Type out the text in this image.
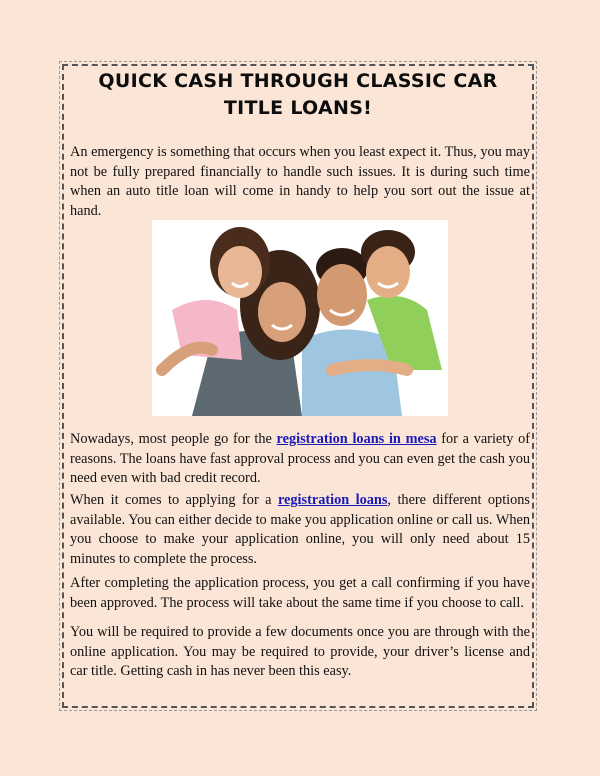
QUICK CASH THROUGH CLASSIC CAR TITLE LOANS!

An emergency is something that occurs when you least expect it. Thus, you may not be fully prepared financially to handle such issues. It is during such time when an auto title loan will come in handy to help you sort out the issue at hand.

Nowadays, most people go for the registration loans in mesa for a variety of reasons. The loans have fast approval process and you can even get the cash you need even with bad credit record.

When it comes to applying for a registration loans, there different options available. You can either decide to make you application online or call us. When you choose to make your application online, you will only need about 15 minutes to complete the process.

After completing the application process, you get a call confirming if you have been approved. The process will take about the same time if you choose to call.

You will be required to provide a few documents once you are through with the online application. You may be required to provide, your driver’s license and car title. Getting cash in has never been this easy.
